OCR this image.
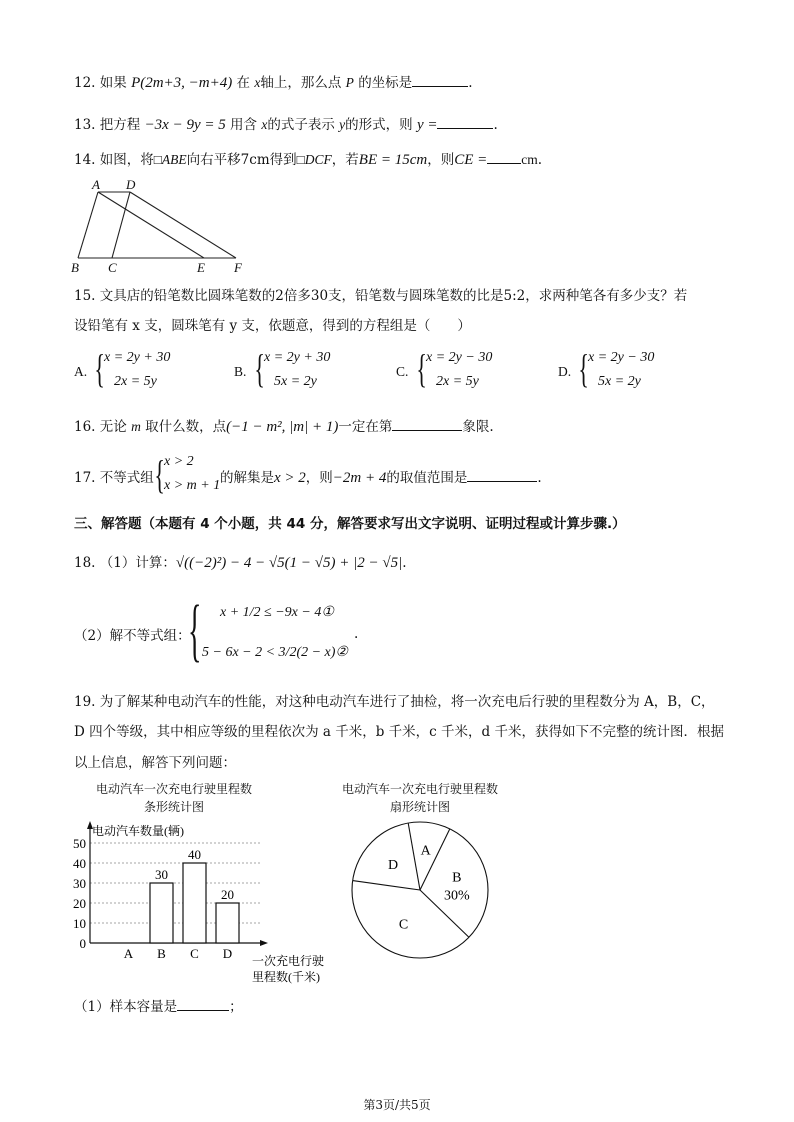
12. 如果 P(2m+3, −m+4) 在 x轴上，那么点 P 的坐标是	.
13. 把方程 −3x − 9y = 5 用含 x的式子表示 y的形式，则 y =	.
14. 如图，将□ABE向右平移7cm得到□DCF，若BE = 15cm，则CE =	cm.
A D
B C	E F
15. 文具店的铅笔数比圆珠笔数的2倍多30支，铅笔数与圆珠笔数的比是5:2，求两种笔各有多少支？若
设铅笔有 x 支，圆珠笔有 y 支，依题意，得到的方程组是（　　）
A. { x = 2y + 30
2x = 5y
B. { x = 2y + 30
5x = 2y
C. { x = 2y − 30
2x = 5y
D. { x = 2y − 30
5x = 2y
16. 无论 m 取什么数，点(−1 − m², |m| + 1)一定在第	象限.
17. 不等式组 { x > 2
x > m + 1 的解集是x > 2，则−2m + 4的取值范围是	.
三、解答题（本题有 4 个小题，共 44 分，解答要求写出文字说明、证明过程或计算步骤.）
18. （1）计算：√((−2)²) − 4 − √5(1 − √5) + |2 − √5|.
（2）解不等式组：
{ x + 1/2 ≤ −9x − 4①
5 − 6x − 2 < 3/2(2 − x)②
.
19. 为了解某种电动汽车的性能，对这种电动汽车进行了抽检，将一次充电后行驶的里程数分为 A，B，C，
D 四个等级，其中相应等级的里程依次为 a 千米，b 千米，c 千米，d 千米，获得如下不完整的统计图．根据
以上信息，解答下列问题：
电动汽车一次充电行驶里程数
条形统计图
电动汽车数量(辆)
0
10
20
30
40
50
30
40
20
A B C D 一次充电行驶
里程数(千米)
电动汽车一次充电行驶里程数
扇形统计图
A
B
30%
C
D
（1）样本容量是	；
第3页/共5页
